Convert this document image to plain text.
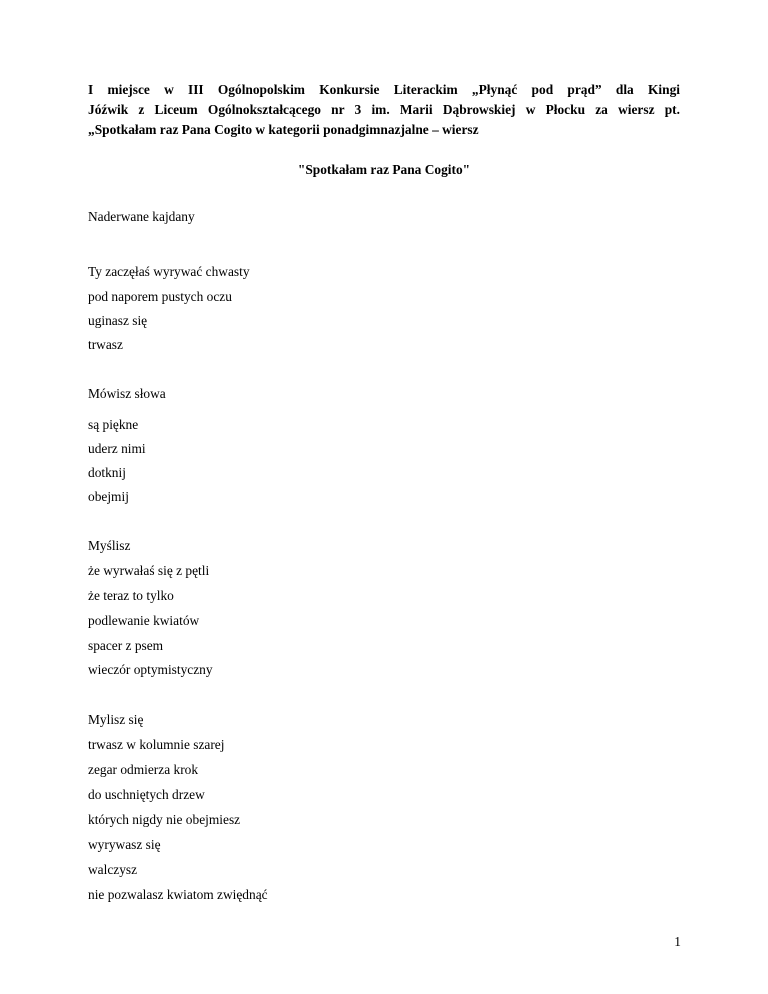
I miejsce w III Ogólnopolskim Konkursie Literackim „Płynąć pod prąd” dla Kingi
Jóźwik z Liceum Ogólnokształcącego nr 3 im. Marii Dąbrowskiej w Płocku za wiersz pt.
„Spotkałam raz Pana Cogito w kategorii ponadgimnazjalne – wiersz
"Spotkałam raz Pana Cogito"
Naderwane kajdany
Ty zaczęłaś wyrywać chwasty
pod naporem pustych oczu
uginasz się
trwasz
Mówisz słowa
są piękne
uderz nimi
dotknij
obejmij
Myślisz
że wyrwałaś się z pętli
że teraz to tylko
podlewanie kwiatów
spacer z psem
wieczór optymistyczny
Mylisz się
trwasz w kolumnie szarej
zegar odmierza krok
do uschniętych drzew
których nigdy nie obejmiesz
wyrywasz się
walczysz
nie pozwalasz kwiatom zwiędnąć
1
